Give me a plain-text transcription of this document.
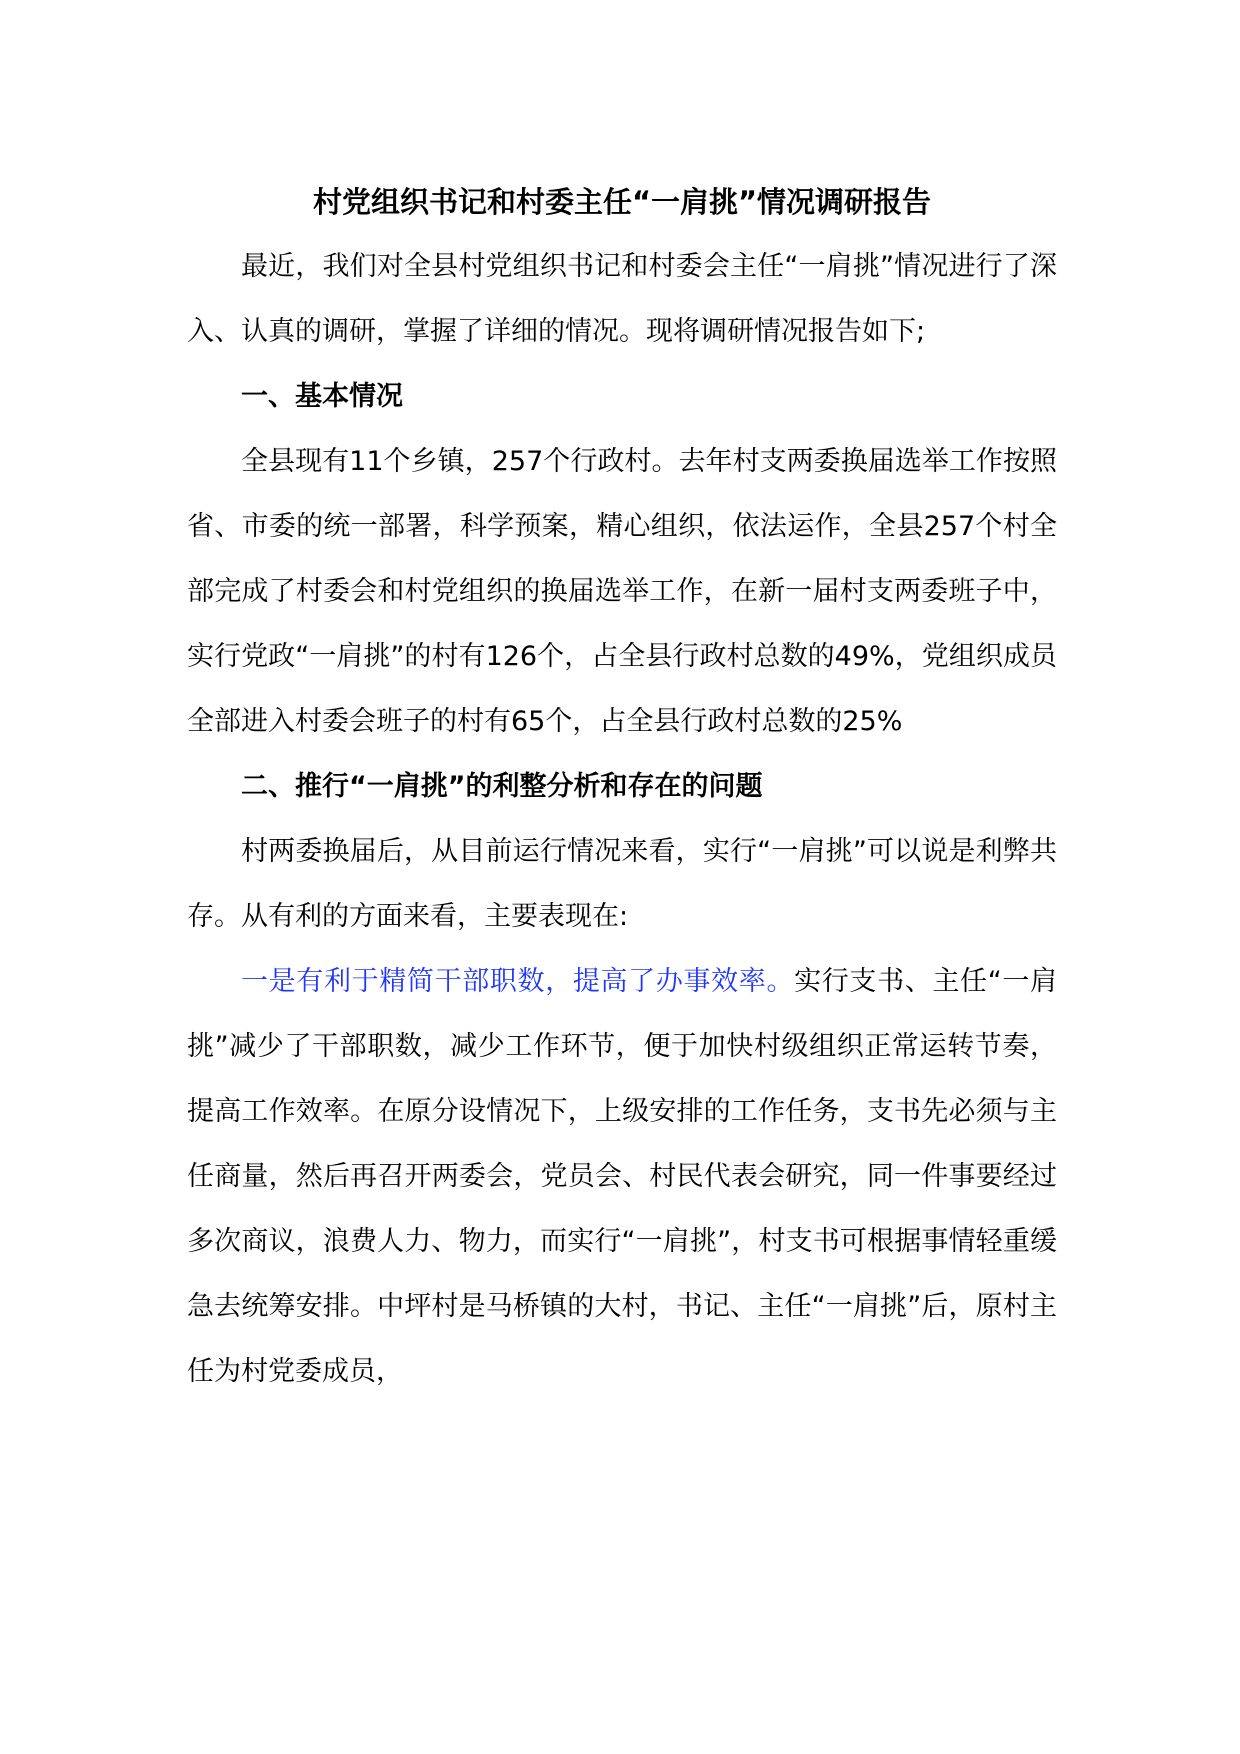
村党组织书记和村委主任“一肩挑”情况调研报告

最近，我们对全县村党组织书记和村委会主任“一肩挑”情况进行了深入、认真的调研，掌握了详细的情况。现将调研情况报告如下;

一、基本情况

全县现有11个乡镇，257个行政村。去年村支两委换届选举工作按照省、市委的统一部署，科学预案，精心组织，依法运作，全县257个村全部完成了村委会和村党组织的换届选举工作，在新一届村支两委班子中，实行党政“一肩挑”的村有126个，占全县行政村总数的49%，党组织成员全部进入村委会班子的村有65个，占全县行政村总数的25%

二、推行“一肩挑”的利整分析和存在的问题

村两委换届后，从目前运行情况来看，实行“一肩挑”可以说是利弊共存。从有利的方面来看，主要表现在:

一是有利于精简干部职数，提高了办事效率。实行支书、主任“一肩挑”减少了干部职数，减少工作环节，便于加快村级组织正常运转节奏，提高工作效率。在原分设情况下，上级安排的工作任务，支书先必须与主任商量，然后再召开两委会，党员会、村民代表会研究，同一件事要经过多次商议，浪费人力、物力，而实行“一肩挑”，村支书可根据事情轻重缓急去统筹安排。中坪村是马桥镇的大村，书记、主任“一肩挑”后，原村主任为村党委成员，
